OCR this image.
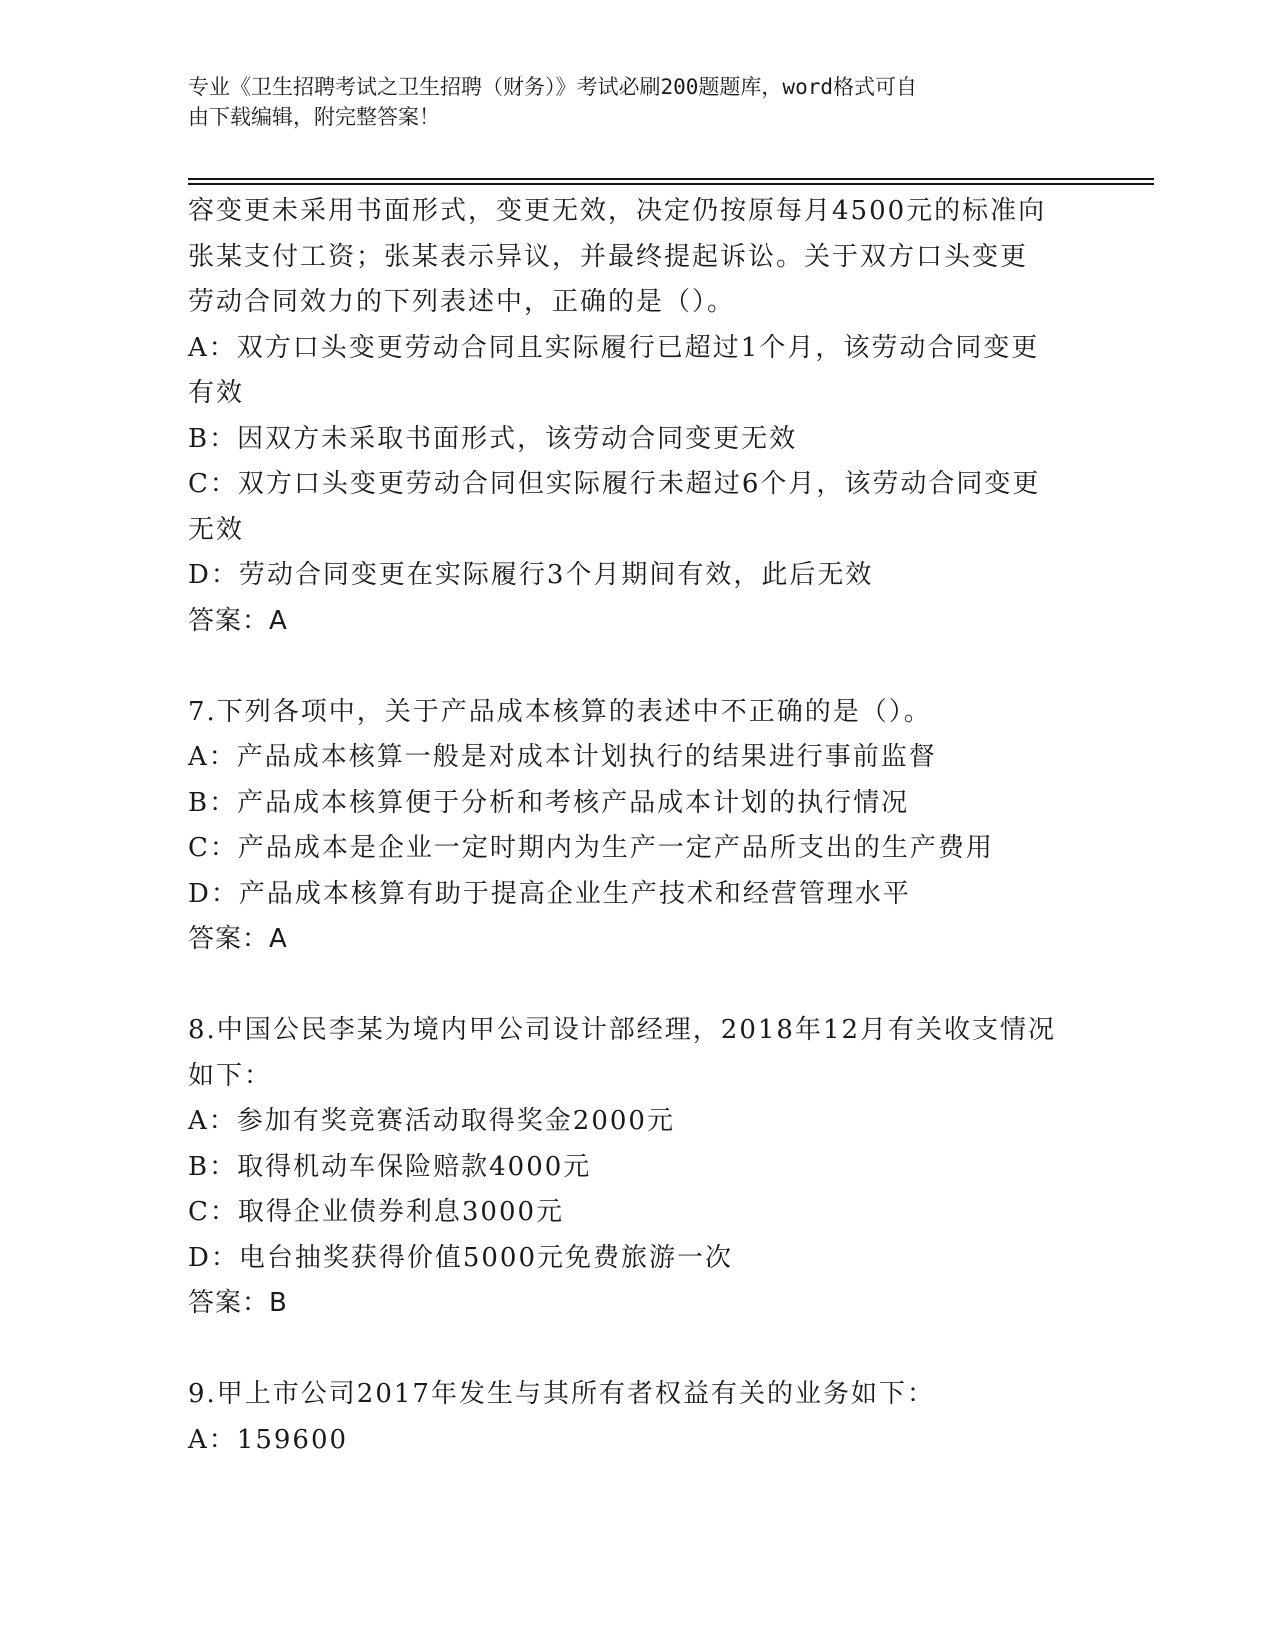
专业《卫生招聘考试之卫生招聘（财务）》考试必刷200题题库，word格式可自
由下载编辑，附完整答案！
容变更未采用书面形式，变更无效，决定仍按原每月4500元的标准向
张某支付工资；张某表示异议，并最终提起诉讼。关于双方口头变更
劳动合同效力的下列表述中，正确的是（）。
A：双方口头变更劳动合同且实际履行已超过1个月，该劳动合同变更
有效
B：因双方未采取书面形式，该劳动合同变更无效
C：双方口头变更劳动合同但实际履行未超过6个月，该劳动合同变更
无效
D：劳动合同变更在实际履行3个月期间有效，此后无效
答案：A
7.下列各项中，关于产品成本核算的表述中不正确的是（）。
A：产品成本核算一般是对成本计划执行的结果进行事前监督
B：产品成本核算便于分析和考核产品成本计划的执行情况
C：产品成本是企业一定时期内为生产一定产品所支出的生产费用
D：产品成本核算有助于提高企业生产技术和经营管理水平
答案：A
8.中国公民李某为境内甲公司设计部经理，2018年12月有关收支情况
如下：
A：参加有奖竞赛活动取得奖金2000元
B：取得机动车保险赔款4000元
C：取得企业债券利息3000元
D：电台抽奖获得价值5000元免费旅游一次
答案：B
9.甲上市公司2017年发生与其所有者权益有关的业务如下：
A：159600
